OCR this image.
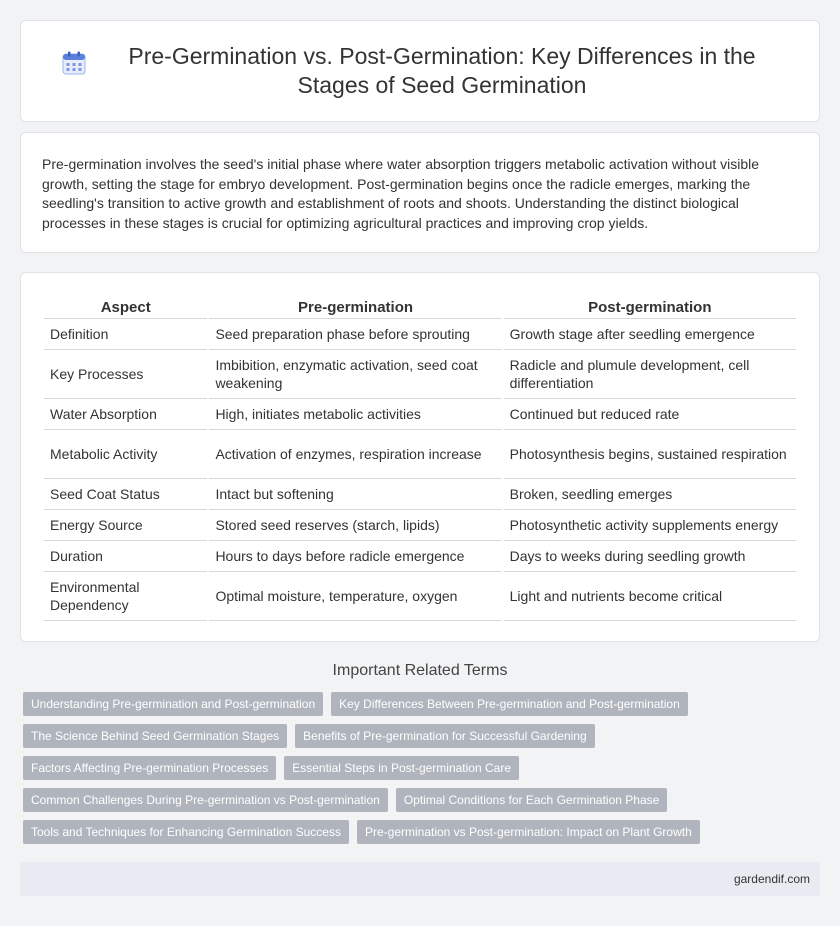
Pre-Germination vs. Post-Germination: Key Differences in the Stages of Seed Germination

Pre-germination involves the seed's initial phase where water absorption triggers metabolic activation without visible growth, setting the stage for embryo development. Post-germination begins once the radicle emerges, marking the seedling's transition to active growth and establishment of roots and shoots. Understanding the distinct biological processes in these stages is crucial for optimizing agricultural practices and improving crop yields.

Aspect	Pre-germination	Post-germination
Definition	Seed preparation phase before sprouting	Growth stage after seedling emergence
Key Processes	Imbibition, enzymatic activation, seed coat weakening	Radicle and plumule development, cell differentiation
Water Absorption	High, initiates metabolic activities	Continued but reduced rate
Metabolic Activity	Activation of enzymes, respiration increase	Photosynthesis begins, sustained respiration
Seed Coat Status	Intact but softening	Broken, seedling emerges
Energy Source	Stored seed reserves (starch, lipids)	Photosynthetic activity supplements energy
Duration	Hours to days before radicle emergence	Days to weeks during seedling growth
Environmental Dependency	Optimal moisture, temperature, oxygen	Light and nutrients become critical
Important Related Terms
Understanding Pre-germination and Post-germination	Key Differences Between Pre-germination and Post-germination
The Science Behind Seed Germination Stages	Benefits of Pre-germination for Successful Gardening
Factors Affecting Pre-germination Processes	Essential Steps in Post-germination Care
Common Challenges During Pre-germination vs Post-germination	Optimal Conditions for Each Germination Phase
Tools and Techniques for Enhancing Germination Success	Pre-germination vs Post-germination: Impact on Plant Growth
gardendif.com
